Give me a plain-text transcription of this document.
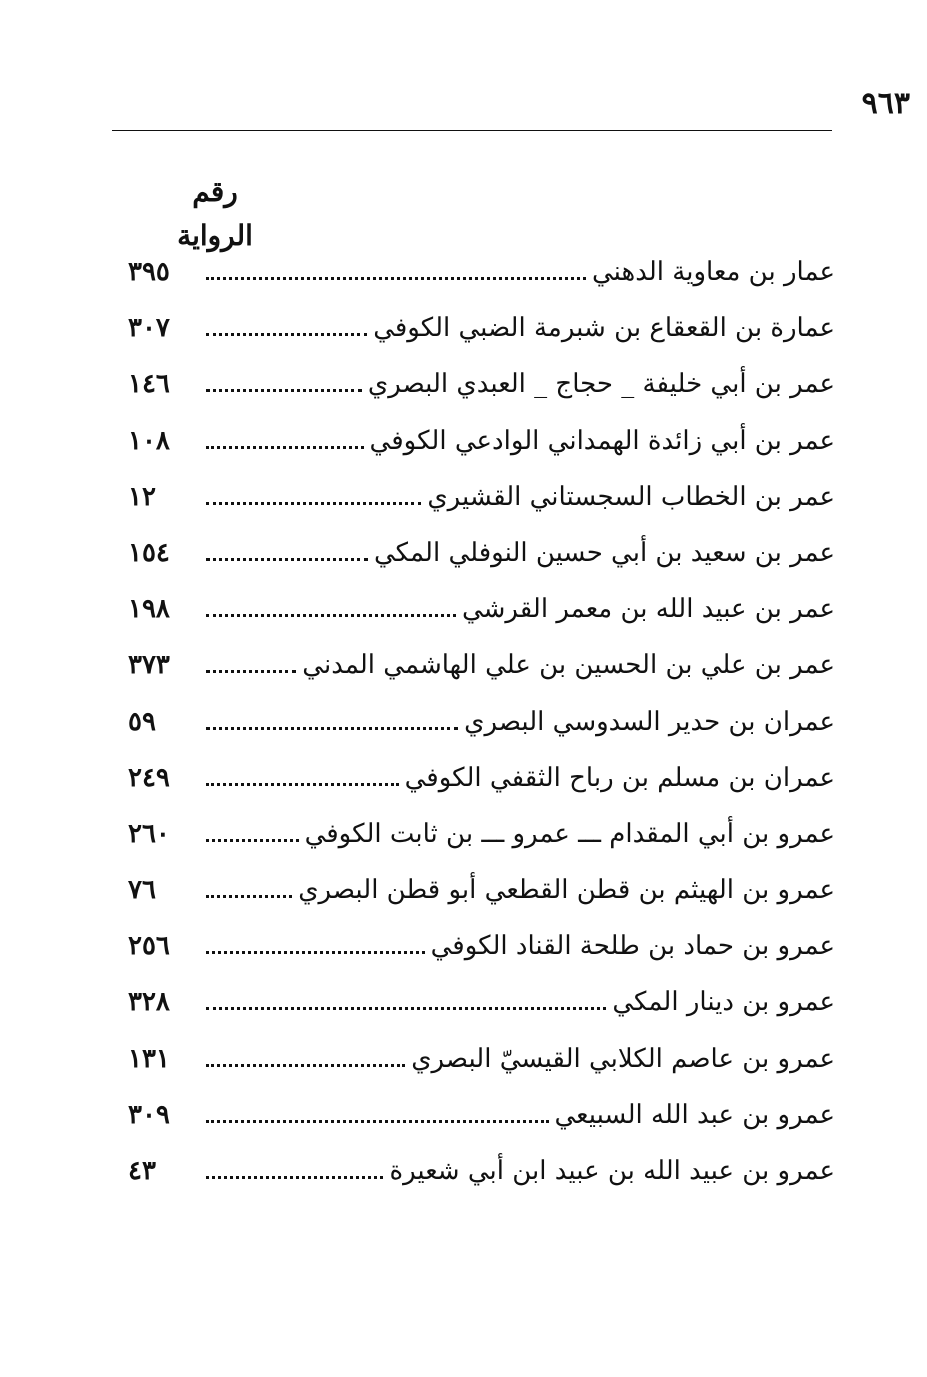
٩٦٣
رقم الرواية
عمار بن معاوية الدهني
٣٩٥
عمارة بن القعقاع بن شبرمة الضبي الكوفي
٣٠٧
عمر بن أبي خليفة _ حجاج _ العبدي البصري
١٤٦
عمر بن أبي زائدة الهمداني الوادعي الكوفي
١٠٨
عمر بن الخطاب السجستاني القشيري
١٢
عمر بن سعيد بن أبي حسين النوفلي المكي
١٥٤
عمر بن عبيد الله بن معمر القرشي
١٩٨
عمر بن علي بن الحسين بن علي الهاشمي المدني
٣٧٣
عمران بن حدير السدوسي البصري
٥٩
عمران بن مسلم بن رباح الثقفي الكوفي
٢٤٩
عمرو بن أبي المقدام ـــ عمرو ـــ بن ثابت الكوفي
٢٦٠
عمرو بن الهيثم بن قطن القطعي أبو قطن البصري
٧٦
عمرو بن حماد بن طلحة القناد الكوفي
٢٥٦
عمرو بن دينار المكي
٣٢٨
عمرو بن عاصم الكلابي القيسيّ البصري
١٣١
عمرو بن عبد الله السبيعي
٣٠٩
عمرو بن عبيد الله بن عبيد ابن أبي شعيرة
٤٣
